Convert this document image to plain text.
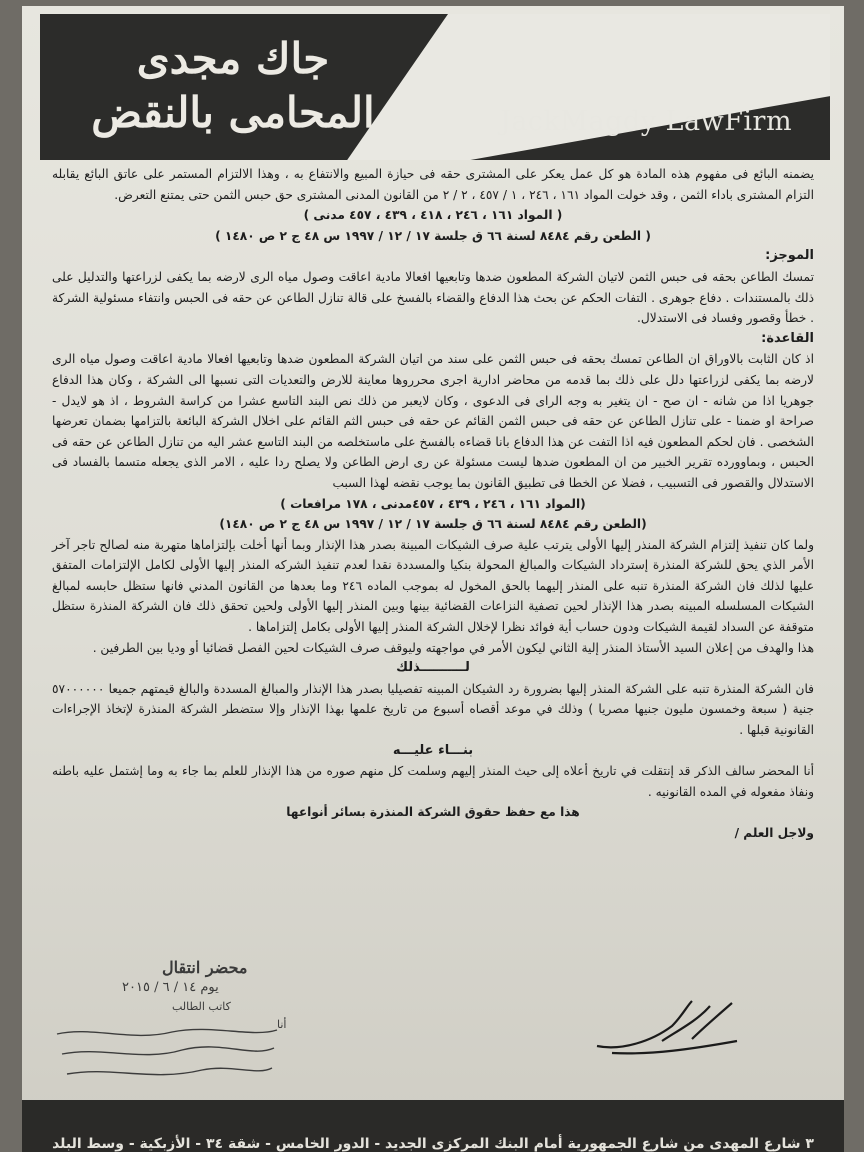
JackMagdy LawFirm
جاك مجدى
المحامى بالنقض

يضمنه البائع فى مفهوم هذه المادة هو كل عمل يعكر على المشترى حقه فى حيازة المبيع والانتفاع به ، وهذا الالتزام المستمر على عاتق البائع يقابله التزام المشترى باداء الثمن ، وقد خولت المواد ١٦١ ، ٢٤٦ ، ١ / ٤٥٧ ، ٢ / ٢ من القانون المدنى المشترى حق حبس الثمن حتى يمتنع التعرض.

( المواد ١٦١ ، ٢٤٦ ، ٤١٨ ، ٤٣٩ ، ٤٥٧ مدنى )

( الطعن رقم ٨٤٨٤ لسنة ٦٦ ق جلسة ١٧ / ١٢ / ١٩٩٧ س ٤٨ ج ٢ ص ١٤٨٠ )

الموجز:

تمسك الطاعن بحقه فى حبس الثمن لاتيان الشركة المطعون ضدها وتابعيها افعالا مادية اعاقت وصول مياه الرى لارضه بما يكفى لزراعتها والتدليل على ذلك بالمستندات . دفاع جوهرى . التفات الحكم عن بحث هذا الدفاع والقضاء بالفسخ على قالة تنازل الطاعن عن حقه فى الحبس وانتفاء مسئولية الشركة . خطأ وقصور وفساد فى الاستدلال.

القاعدة:

اذ كان الثابت بالاوراق ان الطاعن تمسك بحقه فى حبس الثمن على سند من اتيان الشركة المطعون ضدها وتابعيها افعالا مادية اعاقت وصول مياه الرى لارضه بما يكفى لزراعتها دلل على ذلك بما قدمه من محاضر ادارية اجرى محرروها معاينة للارض والتعديات التى نسبها الى الشركة ، وكان هذا الدفاع جوهريا اذا من شانه - ان صح - ان يتغير به وجه الراى فى الدعوى ، وكان لايعبر من ذلك نص البند التاسع عشرا من كراسة الشروط ، اذ هو لايدل - صراحة او ضمنا - على تنازل الطاعن عن حقه فى حبس الثمن القائم عن حقه فى حبس الثم القائم على اخلال الشركة البائعة بالتزامها بضمان تعرضها الشخصى . فان لحكم المطعون فيه اذا التفت عن هذا الدفاع بانا قضاءه بالفسخ على ماستخلصه من البند التاسع عشر اليه من تنازل الطاعن عن حقه فى الحبس ، وبماوورده تقرير الخبير من ان المطعون ضدها ليست مسئولة عن رى ارض الطاعن ولا يصلح ردا عليه ، الامر الذى يجعله متسما بالفساد فى الاستدلال والقصور فى التسبيب ، فضلا عن الخطا فى تطبيق القانون بما يوجب نقضه لهذا السبب

(المواد ١٦١ ، ٢٤٦ ، ٤٣٩ ، ٤٥٧مدنى ، ١٧٨ مرافعات )

(الطعن رقم ٨٤٨٤ لسنة ٦٦ ق جلسة ١٧ / ١٢ / ١٩٩٧ س ٤٨ ج ٢ ص ١٤٨٠)

ولما كان تنفيذ إلتزام الشركة المنذر إليها الأولى يترتب علية صرف الشيكات المبينة بصدر هذا الإنذار وبما أنها أخلت بإلتزاماها متهربة منه لصالح تاجر آخر الأمر الذي يحق للشركة المنذرة إسترداد الشيكات والمبالغ المحولة بنكيا والمسددة نقدا لعدم تنفيذ الشركه المنذر إليها الأولى لكامل الإلتزامات المتفق عليها لذلك فان الشركة المنذرة تنبه على المنذر إليهما بالحق المخول له بموجب الماده ٢٤٦ وما بعدها من القانون المدني فانها ستظل حابسه لمبالغ الشيكات المسلسله المبينه بصدر هذا الإنذار لحين تصفية النزاعات القضائية بينها وبين المنذر إليها الأولى ولحين تحقق ذلك فان الشركة المنذرة ستظل متوقفة عن السداد لقيمة الشيكات ودون حساب أية فوائد نظرا لإخلال الشركة المنذر إليها الأولى بكامل إلتزاماها .

هذا والهدف من إعلان السيد الأستاذ المنذر إلية الثاني ليكون الأمر في مواجهته وليوقف صرف الشيكات لحين الفصل قضائيا أو وديا بين الطرفين .

لــــــــــذلك

فان الشركة المنذرة تنبه على الشركة المنذر إليها بضرورة رد الشيكان المبينه تفصيليا بصدر هذا الإنذار والمبالغ المسددة والبالغ قيمتهم جميعا ٥٧٠٠٠٠٠٠ جنية ( سبعة وخمسون مليون جنيها مصريا ) وذلك في موعد أقصاه أسبوع من تاريخ علمها بهذا الإنذار وإلا ستضطر الشركة المنذرة لإتخاذ الإجراءات القانونية قبلها .

بنـــاء عليـــه

أنا المحضر سالف الذكر قد إنتقلت في تاريخ أعلاه إلى حيث المنذر إليهم وسلمت كل منهم صوره من هذا الإنذار للعلم بما جاء به وما إشتمل عليه باطنه ونفاذ مفعوله في المده القانونيه .

هذا مع حفظ حقوق الشركة المنذرة بسائر أنواعها

ولاجل العلم /

محضر انتقال
يوم ١٤ / ٦ / ٢٠١٥
كاتب الطالب
أنا
٣ شارع المهدى من شارع الجمهورية أمام البنك المركزى الجديد - الدور الخامس - شقة ٣٤ - الأزبكية - وسط البلد
